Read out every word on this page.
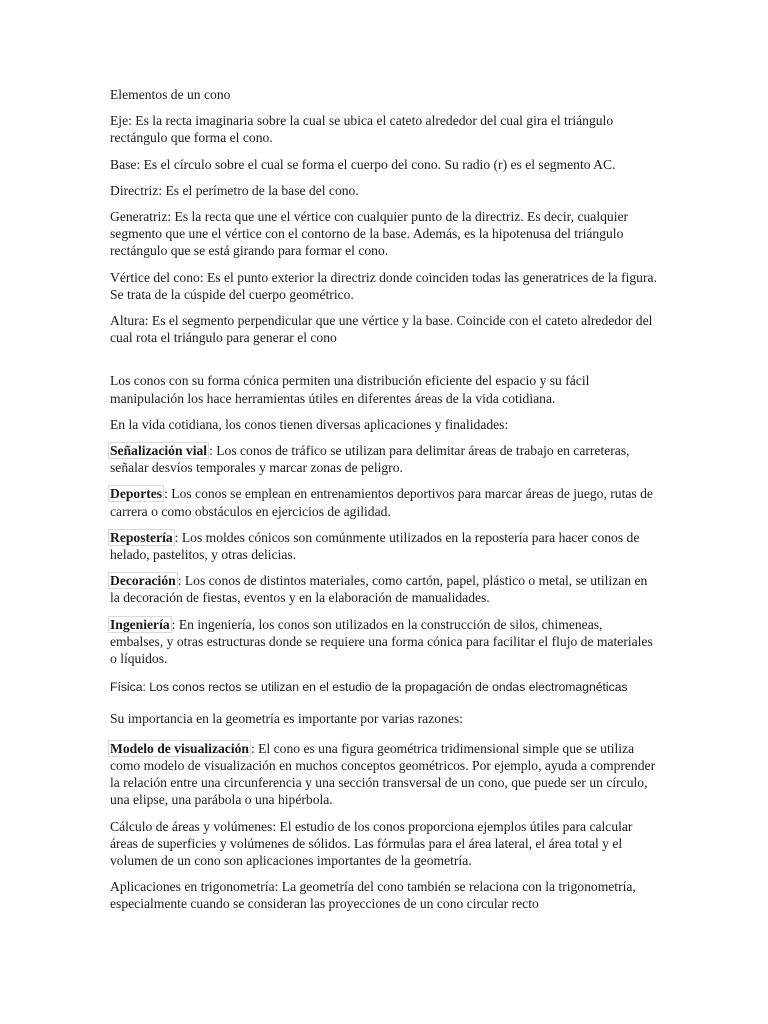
Elementos de un cono

Eje: Es la recta imaginaria sobre la cual se ubica el cateto alrededor del cual gira el triángulo rectángulo que forma el cono.

Base: Es el círculo sobre el cual se forma el cuerpo del cono. Su radio (r) es el segmento AC.

Directriz: Es el perímetro de la base del cono.

Generatriz: Es la recta que une el vértice con cualquier punto de la directriz. Es decir, cualquier segmento que une el vértice con el contorno de la base. Además, es la hipotenusa del triángulo rectángulo que se está girando para formar el cono.

Vértice del cono: Es el punto exterior la directriz donde coinciden todas las generatrices de la figura. Se trata de la cúspide del cuerpo geométrico.

Altura: Es el segmento perpendicular que une vértice y la base. Coincide con el cateto alrededor del cual rota el triángulo para generar el cono

Los conos con su forma cónica permiten una distribución eficiente del espacio y su fácil manipulación los hace herramientas útiles en diferentes áreas de la vida cotidiana.

En la vida cotidiana, los conos tienen diversas aplicaciones y finalidades:

Señalización vial : Los conos de tráfico se utilizan para delimitar áreas de trabajo en carreteras, señalar desvíos temporales y marcar zonas de peligro.

Deportes : Los conos se emplean en entrenamientos deportivos para marcar áreas de juego, rutas de carrera o como obstáculos en ejercicios de agilidad.

Repostería : Los moldes cónicos son comúnmente utilizados en la repostería para hacer conos de helado, pastelitos, y otras delicias.

Decoración : Los conos de distintos materiales, como cartón, papel, plástico o metal, se utilizan en la decoración de fiestas, eventos y en la elaboración de manualidades.

Ingeniería : En ingeniería, los conos son utilizados en la construcción de silos, chimeneas, embalses, y otras estructuras donde se requiere una forma cónica para facilitar el flujo de materiales o líquidos.

Física: Los conos rectos se utilizan en el estudio de la propagación de ondas electromagnéticas

Su importancia en la geometría es importante por varias razones:

Modelo de visualización : El cono es una figura geométrica tridimensional simple que se utiliza como modelo de visualización en muchos conceptos geométricos. Por ejemplo, ayuda a comprender la relación entre una circunferencia y una sección transversal de un cono, que puede ser un círculo, una elipse, una parábola o una hipérbola.

Cálculo de áreas y volúmenes: El estudio de los conos proporciona ejemplos útiles para calcular áreas de superficies y volúmenes de sólidos. Las fórmulas para el área lateral, el área total y el volumen de un cono son aplicaciones importantes de la geometría.

Aplicaciones en trigonometría: La geometría del cono también se relaciona con la trigonometría, especialmente cuando se consideran las proyecciones de un cono circular recto
